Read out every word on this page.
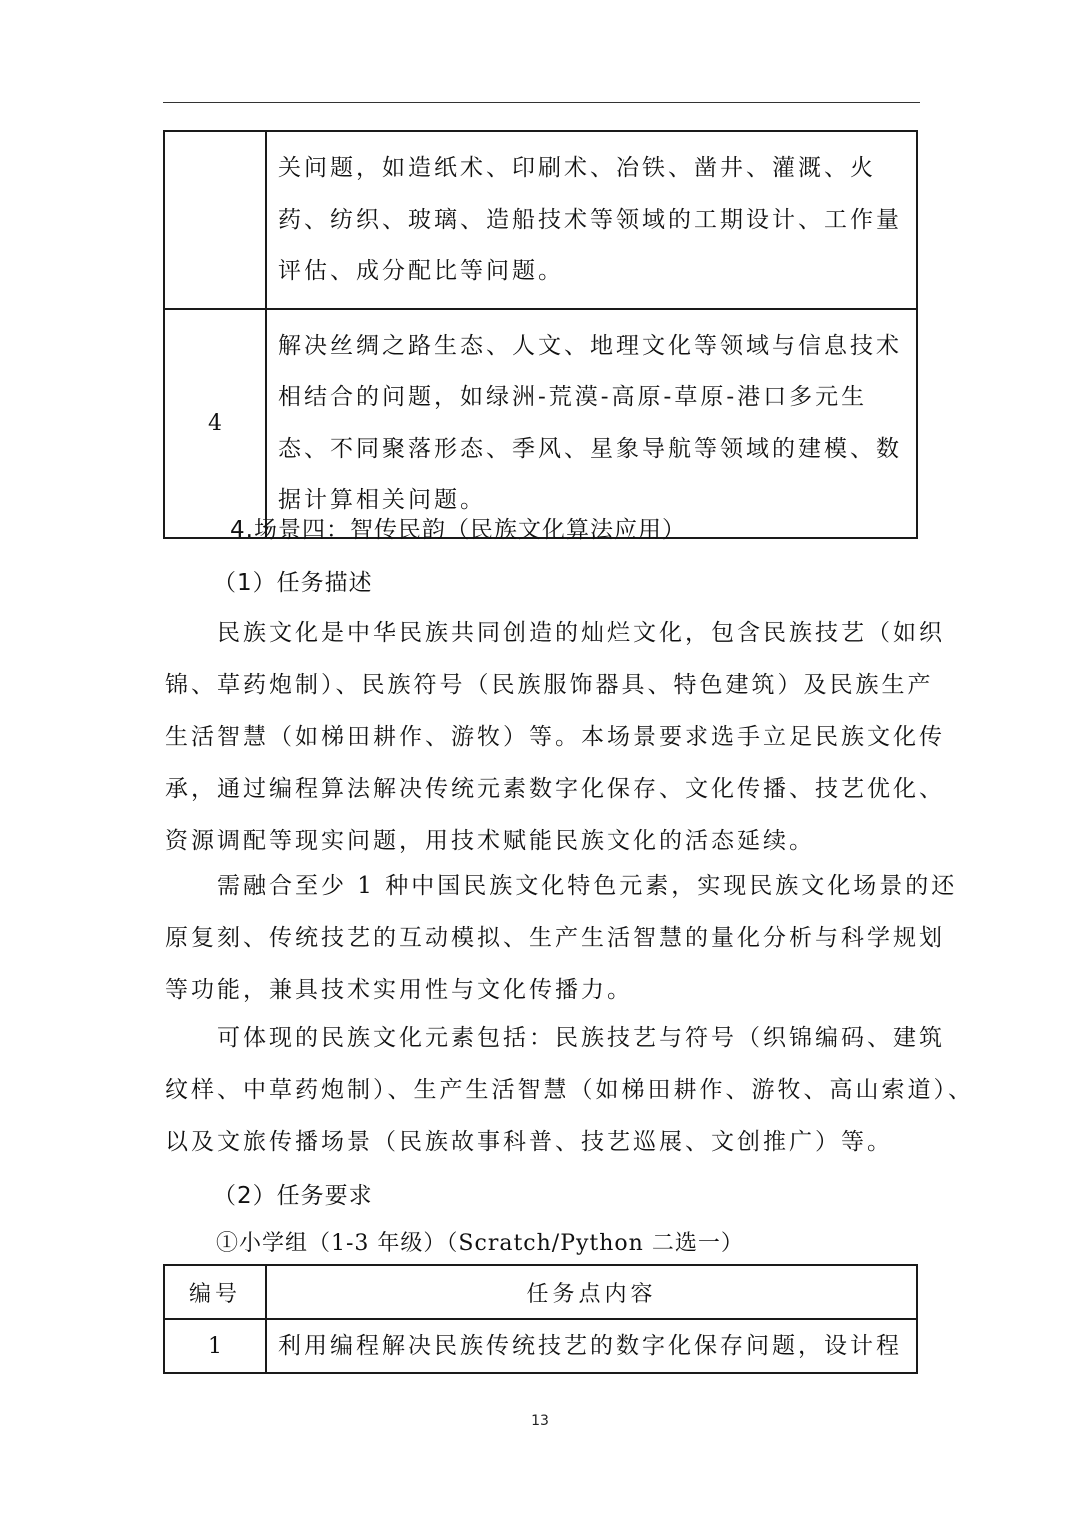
	关问题，如造纸术、印刷术、冶铁、凿井、灌溉、火
药、纺织、玻璃、造船技术等领域的工期设计、工作量
评估、成分配比等问题。

4	解决丝绸之路生态、人文、地理文化等领域与信息技术
相结合的问题，如绿洲-荒漠-高原-草原-港口多元生
态、不同聚落形态、季风、星象导航等领域的建模、数
据计算相关问题。
4.场景四：智传民韵（民族文化算法应用）
（1）任务描述
民族文化是中华民族共同创造的灿烂文化，包含民族技艺（如织
锦、草药炮制）、民族符号（民族服饰器具、特色建筑）及民族生产
生活智慧（如梯田耕作、游牧）等。本场景要求选手立足民族文化传
承，通过编程算法解决传统元素数字化保存、文化传播、技艺优化、
资源调配等现实问题，用技术赋能民族文化的活态延续。
需融合至少 1 种中国民族文化特色元素，实现民族文化场景的还
原复刻、传统技艺的互动模拟、生产生活智慧的量化分析与科学规划
等功能，兼具技术实用性与文化传播力。
可体现的民族文化元素包括：民族技艺与符号（织锦编码、建筑
纹样、中草药炮制）、生产生活智慧（如梯田耕作、游牧、高山索道）、
以及文旅传播场景（民族故事科普、技艺巡展、文创推广）等。
（2）任务要求
①小学组（1-3 年级）（Scratch/Python 二选一）
编号	任务点内容
1	利用编程解决民族传统技艺的数字化保存问题，设计程
13
